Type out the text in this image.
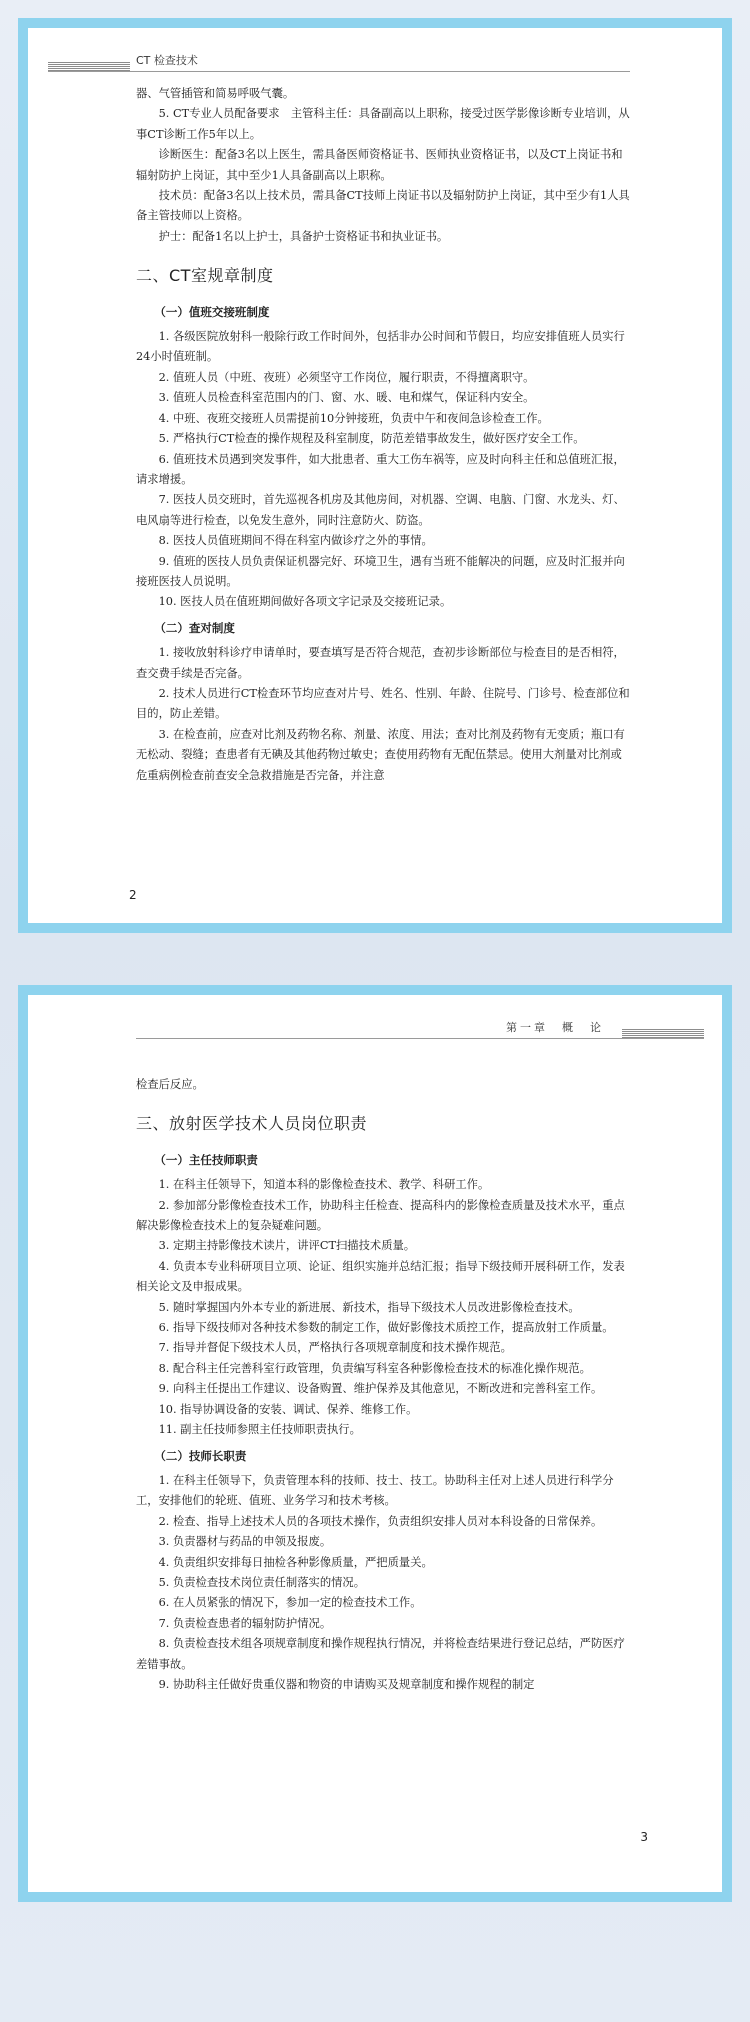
CT 检查技术

器、气管插管和简易呼吸气囊。

5. CT专业人员配备要求　主管科主任：具备副高以上职称，接受过医学影像诊断专业培训，从事CT诊断工作5年以上。

诊断医生：配备3名以上医生，需具备医师资格证书、医师执业资格证书，以及CT上岗证书和辐射防护上岗证，其中至少1人具备副高以上职称。

技术员：配备3名以上技术员，需具备CT技师上岗证书以及辐射防护上岗证，其中至少有1人具备主管技师以上资格。

护士：配备1名以上护士，具备护士资格证书和执业证书。

二、CT室规章制度
（一）值班交接班制度

1. 各级医院放射科一般除行政工作时间外，包括非办公时间和节假日，均应安排值班人员实行24小时值班制。

2. 值班人员（中班、夜班）必须坚守工作岗位，履行职责，不得擅离职守。

3. 值班人员检查科室范围内的门、窗、水、暖、电和煤气，保证科内安全。

4. 中班、夜班交接班人员需提前10分钟接班，负责中午和夜间急诊检查工作。

5. 严格执行CT检查的操作规程及科室制度，防范差错事故发生，做好医疗安全工作。

6. 值班技术员遇到突发事件，如大批患者、重大工伤车祸等，应及时向科主任和总值班汇报，请求增援。

7. 医技人员交班时，首先巡视各机房及其他房间，对机器、空调、电脑、门窗、水龙头、灯、电风扇等进行检查，以免发生意外，同时注意防火、防盗。

8. 医技人员值班期间不得在科室内做诊疗之外的事情。

9. 值班的医技人员负责保证机器完好、环境卫生，遇有当班不能解决的问题，应及时汇报并向接班医技人员说明。

10. 医技人员在值班期间做好各项文字记录及交接班记录。

（二）查对制度

1. 接收放射科诊疗申请单时，要查填写是否符合规范，查初步诊断部位与检查目的是否相符，查交费手续是否完备。

2. 技术人员进行CT检查环节均应查对片号、姓名、性别、年龄、住院号、门诊号、检查部位和目的，防止差错。

3. 在检查前，应查对比剂及药物名称、剂量、浓度、用法；查对比剂及药物有无变质；瓶口有无松动、裂缝；查患者有无碘及其他药物过敏史；查使用药物有无配伍禁忌。使用大剂量对比剂或危重病例检查前查安全急救措施是否完备，并注意

2
第一章　概　论

检查后反应。

三、放射医学技术人员岗位职责
（一）主任技师职责

1. 在科主任领导下，知道本科的影像检查技术、教学、科研工作。

2. 参加部分影像检查技术工作，协助科主任检查、提高科内的影像检查质量及技术水平，重点解决影像检查技术上的复杂疑难问题。

3. 定期主持影像技术读片，讲评CT扫描技术质量。

4. 负责本专业科研项目立项、论证、组织实施并总结汇报；指导下级技师开展科研工作，发表相关论文及申报成果。

5. 随时掌握国内外本专业的新进展、新技术，指导下级技术人员改进影像检查技术。

6. 指导下级技师对各种技术参数的制定工作，做好影像技术质控工作，提高放射工作质量。

7. 指导并督促下级技术人员，严格执行各项规章制度和技术操作规范。

8. 配合科主任完善科室行政管理，负责编写科室各种影像检查技术的标准化操作规范。

9. 向科主任提出工作建议、设备购置、维护保养及其他意见，不断改进和完善科室工作。

10. 指导协调设备的安装、调试、保养、维修工作。

11. 副主任技师参照主任技师职责执行。

（二）技师长职责

1. 在科主任领导下，负责管理本科的技师、技士、技工。协助科主任对上述人员进行科学分工，安排他们的轮班、值班、业务学习和技术考核。

2. 检查、指导上述技术人员的各项技术操作，负责组织安排人员对本科设备的日常保养。

3. 负责器材与药品的申领及报废。

4. 负责组织安排每日抽检各种影像质量，严把质量关。

5. 负责检查技术岗位责任制落实的情况。

6. 在人员紧张的情况下，参加一定的检查技术工作。

7. 负责检查患者的辐射防护情况。

8. 负责检查技术组各项规章制度和操作规程执行情况，并将检查结果进行登记总结，严防医疗差错事故。

9. 协助科主任做好贵重仪器和物资的申请购买及规章制度和操作规程的制定

3
